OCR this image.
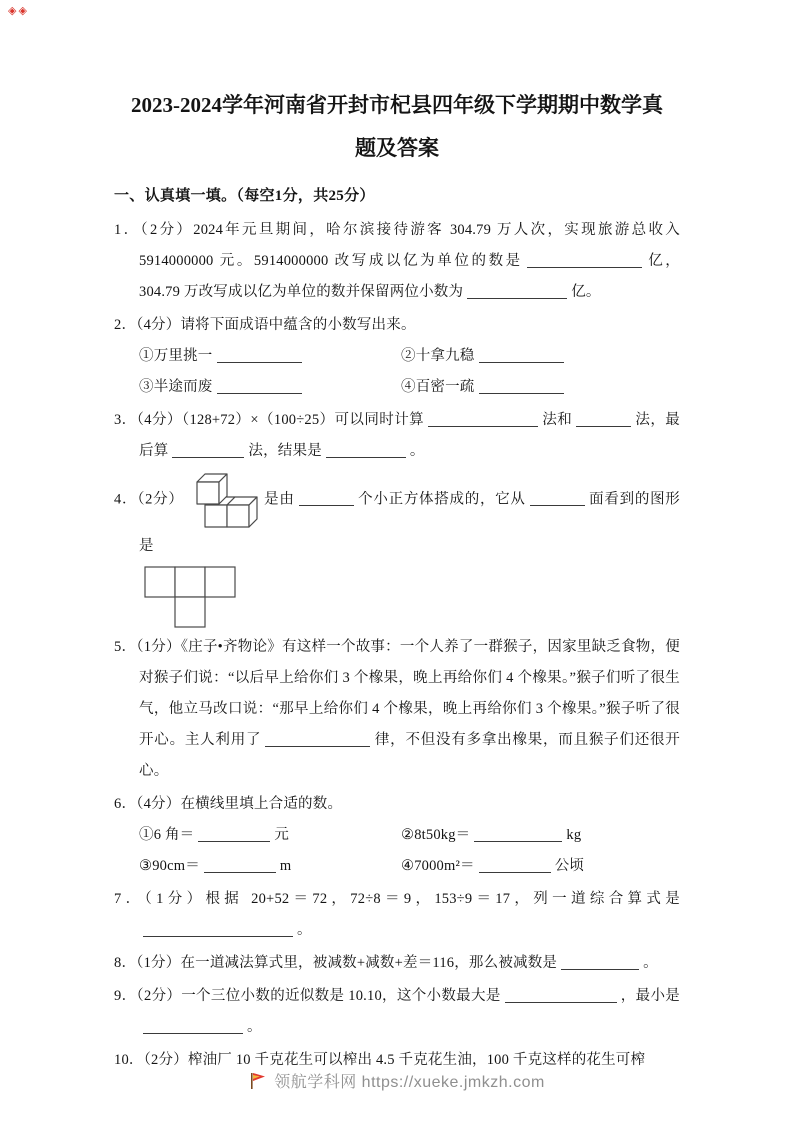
◈◈
2023-2024学年河南省开封市杞县四年级下学期期中数学真
题及答案
一、认真填一填。（每空1分，共25分）
1．（2分）2024年元旦期间，哈尔滨接待游客 304.79 万人次，实现旅游总收入 5914000000 元。5914000000 改写成以亿为单位的数是	亿，304.79 万改写成以亿为单位的数并保留两位小数为	亿。
2．（4分）请将下面成语中蕴含的小数写出来。
①万里挑一	②十拿九稳
③半途而废	④百密一疏
3．（4分）（128+72）×（100÷25）可以同时计算	法和	法，最后算	法，结果是	。
4．（2分）	是由	个小正方体搭成的，它从	面看到的图形是
5．（1分）《庄子•齐物论》有这样一个故事：一个人养了一群猴子，因家里缺乏食物，便对猴子们说：“以后早上给你们 3 个橡果，晚上再给你们 4 个橡果。”猴子们听了很生气，他立马改口说：“那早上给你们 4 个橡果，晚上再给你们 3 个橡果。”猴子听了很开心。主人利用了	律，不但没有多拿出橡果，而且猴子们还很开心。
6．（4分）在横线里填上合适的数。
①6 角＝	元	②8t50kg＝	kg
③90cm＝	m	④7000m²＝	公顷
7．（1分）根据 20+52＝72，72÷8＝9，153÷9＝17，列一道综合算式是。
8．（1分）在一道减法算式里，被减数+减数+差＝116，那么被减数是	。
9．（2分）一个三位小数的近似数是 10.10，这个小数最大是	，最小是。
10．（2分）榨油厂 10 千克花生可以榨出 4.5 千克花生油，100 千克这样的花生可榨
领航学科网 https://xueke.jmkzh.com
